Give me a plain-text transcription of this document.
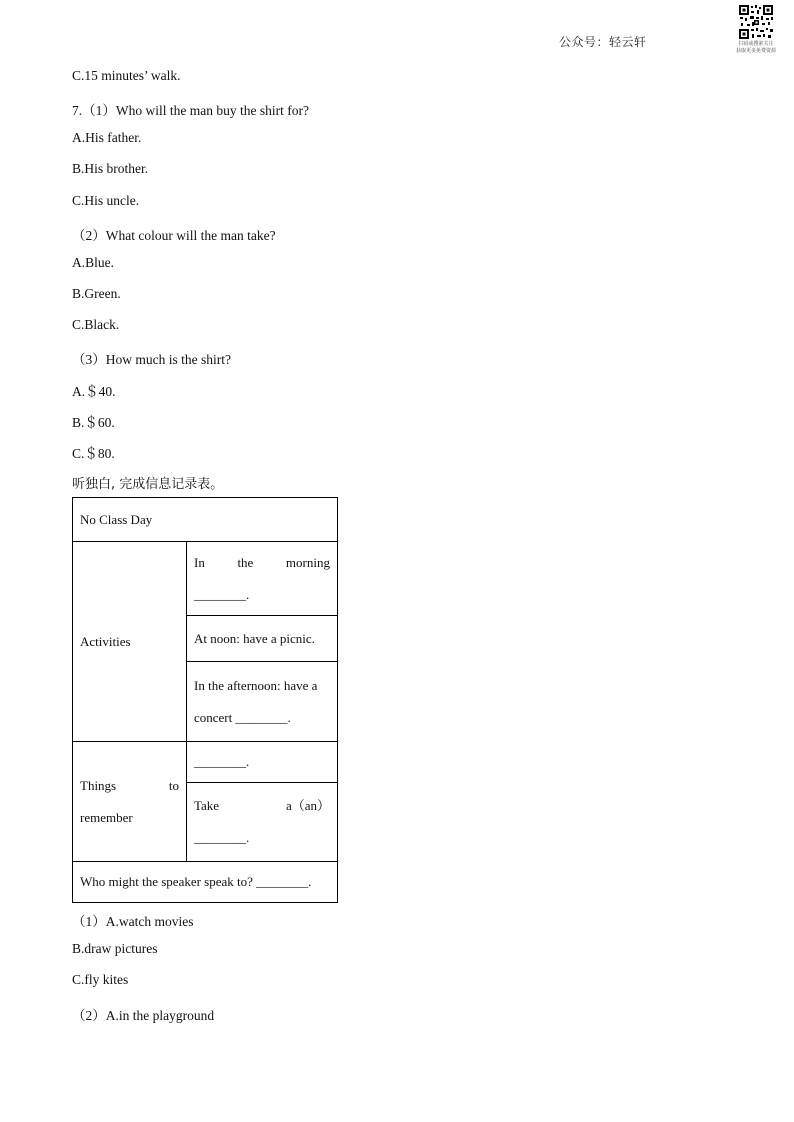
公众号：轻云轩	扫码或搜索关注
获取更多免费资源
C.15 minutes’ walk.
7.（1）Who will the man buy the shirt for?
A.His father.
B.His brother.
C.His uncle.
（2）What colour will the man take?
A.Blue.
B.Green.
C.Black.
（3）How much is the shirt?
A.＄40.
B.＄60.
C.＄80.
听独白, 完成信息记录表。
No Class Day	
Activities	In the morning
________.

	At noon: have a picnic.

	In the afternoon: have a
concert ________.

Things to
remember	________.

	Take a（an）
________.

Who might the speaker speak to? ________.	
（1）A.watch movies
B.draw pictures
C.fly kites
（2）A.in the playground
